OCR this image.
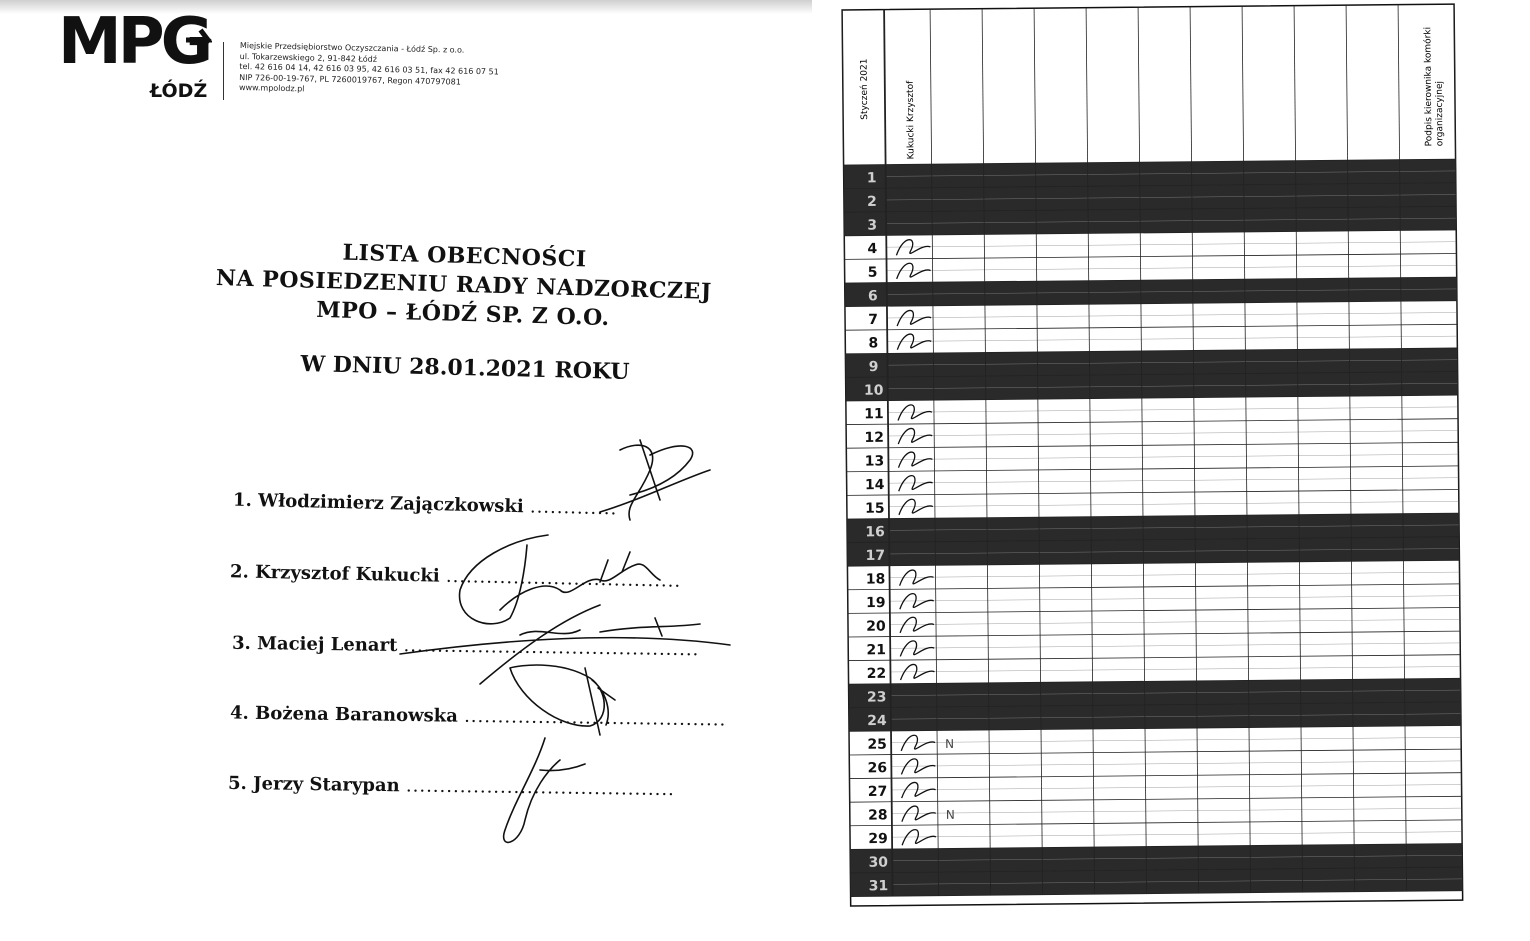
MPG
ŁÓDŹ
Miejskie Przedsiębiorstwo Oczyszczania - Łódź Sp. z o.o.
ul. Tokarzewskiego 2, 91-842 Łódź
tel. 42 616 04 14, 42 616 03 95, 42 616 03 51, fax 42 616 07 51
NIP 726-00-19-767, PL 7260019767, Regon 470797081
www.mpolodz.pl
LISTA OBECNOŚCI
NA POSIEDZENIU RADY NADZORCZEJ
MPO – ŁÓDŹ SP. Z O.O.
W DNIU 28.01.2021 ROKU
1. Włodzimierz Zajączkowski .............
2. Krzysztof Kukucki ...................................
3. Maciej Lenart ............................................
4. Bożena Baranowska .......................................
5. Jerzy Starypan ........................................
Styczeń 2021	Kukucki Krzysztof	Podpis kierownika komórki organizacyjnej
1
2
3
4
5
6
7
8
9
10
11
12
13
14
15
16
17
18
19
20
21
22
23
24
25
26
27
28
29
30
31
N
N
